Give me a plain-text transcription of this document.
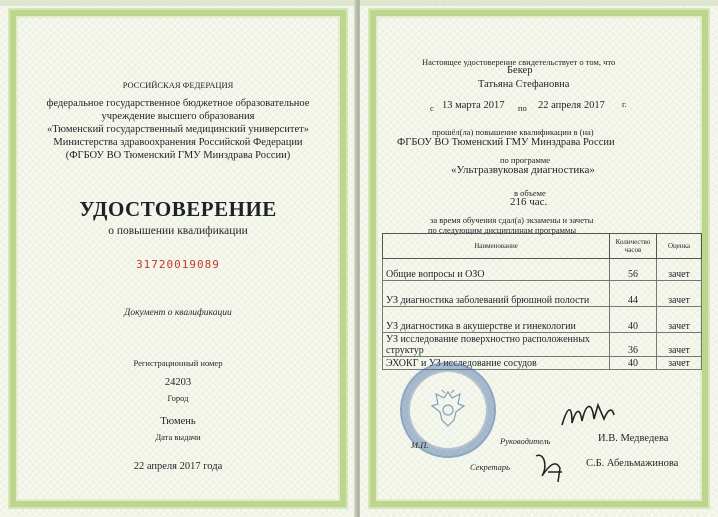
РОССИЙСКАЯ ФЕДЕРАЦИЯ
федеральное государственное бюджетное образовательное
учреждение высшего образования
«Тюменский государственный медицинский университет»
Министерства здравоохранения Российской Федерации
(ФГБОУ ВО Тюменский ГМУ Минздрава России)
УДОСТОВЕРЕНИЕ
о повышении квалификации
31720019089
Документ о квалификации
Регистрационный номер
24203
Город
Тюмень
Дата выдачи
22 апреля 2017 года
Настоящее удостоверение свидетельствует о том, что
Бекер
Татьяна Стефановна
с 13 марта 2017 по 22 апреля 2017 г.
прошёл(ла) повышение квалификации в (на)
ФГБОУ ВО Тюменский ГМУ Минздрава России
по программе
«Ультразвуковая диагностика»
в объеме
216 час.
за время обучения сдал(а) экзамены и зачеты
по следующим дисциплинам программы
Наименование	Количество часов	Оценка
Общие вопросы и ОЗО	56	зачет
УЗ диагностика заболеваний брюшной полости	44	зачет
УЗ диагностика в акушерстве и гинекологии	40	зачет
УЗ исследование поверхностно расположенных структур	36	зачет
ЭХОКГ и УЗ исследование сосудов	40	зачет
М.П.	Руководитель	И.В. Медведева
Секретарь	С.Б. Абельмажинова
